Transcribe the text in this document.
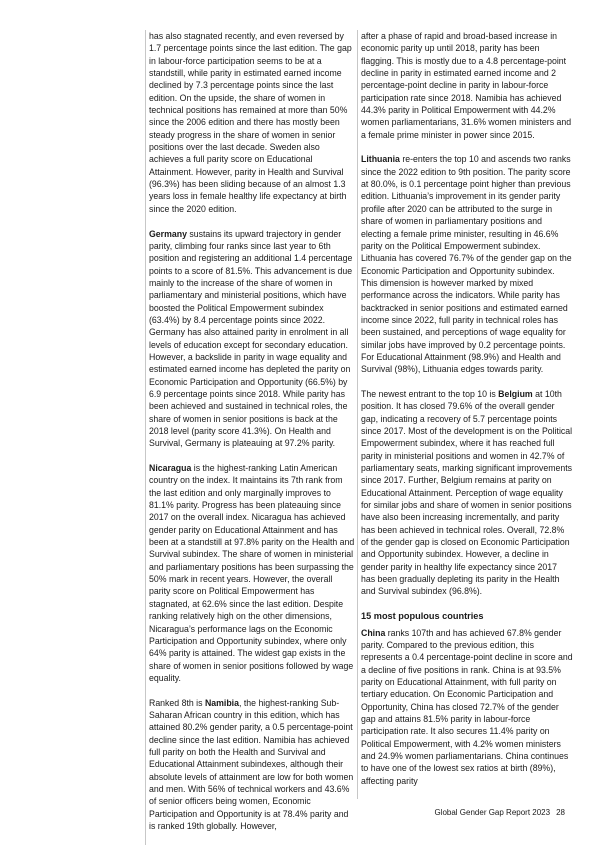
has also stagnated recently, and even reversed by 1.7 percentage points since the last edition. The gap in labour-force participation seems to be at a standstill, while parity in estimated earned income declined by 7.3 percentage points since the last edition. On the upside, the share of women in technical positions has remained at more than 50% since the 2006 edition and there has mostly been steady progress in the share of women in senior positions over the last decade. Sweden also achieves a full parity score on Educational Attainment. However, parity in Health and Survival (96.3%) has been sliding because of an almost 1.3 years loss in female healthy life expectancy at birth since the 2020 edition.

Germany sustains its upward trajectory in gender parity, climbing four ranks since last year to 6th position and registering an additional 1.4 percentage points to a score of 81.5%. This advancement is due mainly to the increase of the share of women in parliamentary and ministerial positions, which have boosted the Political Empowerment subindex (63.4%) by 8.4 percentage points since 2022. Germany has also attained parity in enrolment in all levels of education except for secondary education. However, a backslide in parity in wage equality and estimated earned income has depleted the parity on Economic Participation and Opportunity (66.5%) by 6.9 percentage points since 2018. While parity has been achieved and sustained in technical roles, the share of women in senior positions is back at the 2018 level (parity score 41.3%). On Health and Survival, Germany is plateauing at 97.2% parity.

Nicaragua is the highest-ranking Latin American country on the index. It maintains its 7th rank from the last edition and only marginally improves to 81.1% parity. Progress has been plateauing since 2017 on the overall index. Nicaragua has achieved gender parity on Educational Attainment and has been at a standstill at 97.8% parity on the Health and Survival subindex. The share of women in ministerial and parliamentary positions has been surpassing the 50% mark in recent years. However, the overall parity score on Political Empowerment has stagnated, at 62.6% since the last edition. Despite ranking relatively high on the other dimensions, Nicaragua’s performance lags on the Economic Participation and Opportunity subindex, where only 64% parity is attained. The widest gap exists in the share of women in senior positions followed by wage equality.

Ranked 8th is Namibia, the highest-ranking Sub-Saharan African country in this edition, which has attained 80.2% gender parity, a 0.5 percentage-point decline since the last edition. Namibia has achieved full parity on both the Health and Survival and Educational Attainment subindexes, although their absolute levels of attainment are low for both women and men. With 56% of technical workers and 43.6% of senior officers being women, Economic Participation and Opportunity is at 78.4% parity and is ranked 19th globally. However,

after a phase of rapid and broad-based increase in economic parity up until 2018, parity has been flagging. This is mostly due to a 4.8 percentage-point decline in parity in estimated earned income and 2 percentage-point decline in parity in labour-force participation rate since 2018. Namibia has achieved 44.3% parity in Political Empowerment with 44.2% women parliamentarians, 31.6% women ministers and a female prime minister in power since 2015.

Lithuania re-enters the top 10 and ascends two ranks since the 2022 edition to 9th position. The parity score at 80.0%, is 0.1 percentage point higher than previous edition. Lithuania’s improvement in its gender parity profile after 2020 can be attributed to the surge in share of women in parliamentary positions and electing a female prime minister, resulting in 46.6% parity on the Political Empowerment subindex. Lithuania has covered 76.7% of the gender gap on the Economic Participation and Opportunity subindex. This dimension is however marked by mixed performance across the indicators. While parity has backtracked in senior positions and estimated earned income since 2022, full parity in technical roles has been sustained, and perceptions of wage equality for similar jobs have improved by 0.2 percentage points. For Educational Attainment (98.9%) and Health and Survival (98%), Lithuania edges towards parity.

The newest entrant to the top 10 is Belgium at 10th position. It has closed 79.6% of the overall gender gap, indicating a recovery of 5.7 percentage points since 2017. Most of the development is on the Political Empowerment subindex, where it has reached full parity in ministerial positions and women in 42.7% of parliamentary seats, marking significant improvements since 2017. Further, Belgium remains at parity on Educational Attainment. Perception of wage equality for similar jobs and share of women in senior positions have also been increasing incrementally, and parity has been achieved in technical roles. Overall, 72.8% of the gender gap is closed on Economic Participation and Opportunity subindex. However, a decline in gender parity in healthy life expectancy since 2017 has been gradually depleting its parity in the Health and Survival subindex (96.8%).

15 most populous countries

China ranks 107th and has achieved 67.8% gender parity. Compared to the previous edition, this represents a 0.4 percentage-point decline in score and a decline of five positions in rank. China is at 93.5% parity on Educational Attainment, with full parity on tertiary education. On Economic Participation and Opportunity, China has closed 72.7% of the gender gap and attains 81.5% parity in labour-force participation rate. It also secures 11.4% parity on Political Empowerment, with 4.2% women ministers and 24.9% women parliamentarians. China continues to have one of the lowest sex ratios at birth (89%), affecting parity

Global Gender Gap Report 2023 28
